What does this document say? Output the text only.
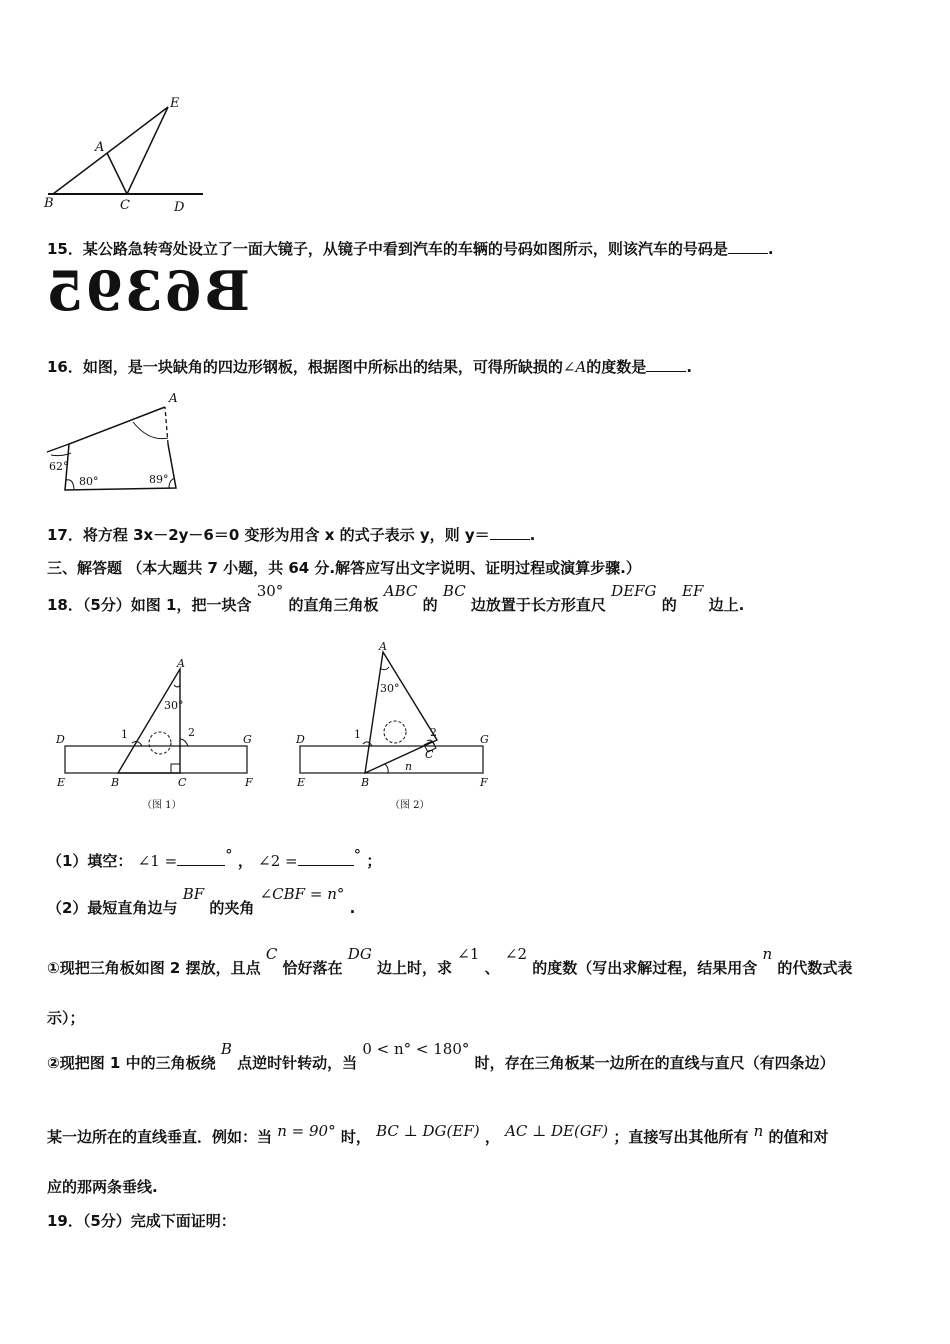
E
A
B	C	D
15．某公路急转弯处设立了一面大镜子，从镜子中看到汽车的车辆的号码如图所示，则该汽车的号码是	.
B6395
16．如图，是一块缺角的四边形钢板，根据图中所标出的结果，可得所缺损的∠A的度数是	.
A
62°
80°	89°
17．将方程 3x－2y－6＝0 变形为用含 x 的式子表示 y，则 y＝	.
三、解答题 （本大题共 7 小题，共 64 分.解答应写出文字说明、证明过程或演算步骤.）
18．（5分）如图 1，把一块含 30° 的直角三角板 ABC 的 BC 边放置于长方形直尺 DEFG 的 EF 边上.
A
30°
1	2
D	G
E	B	C	F
（图 1）
A
30°
1	2
C
n
D	G
E	B	F
（图 2）
（1）填空： ∠1 =	° ， ∠2 =	° ；
（2）最短直角边与 BF 的夹角 ∠CBF = n° .
①现把三角板如图 2 摆放，且点 C 恰好落在 DG 边上时，求 ∠1 、 ∠2 的度数（写出求解过程，结果用含 n 的代数式表
示）；
②现把图 1 中的三角板绕 B 点逆时针转动，当 0 < n° < 180° 时，存在三角板某一边所在的直线与直尺（有四条边）
某一边所在的直线垂直．例如：当 n = 90° 时， BC ⊥ DG(EF) ， AC ⊥ DE(GF) ；直接写出其他所有 n 的值和对
应的那两条垂线.
19．（5分）完成下面证明：
